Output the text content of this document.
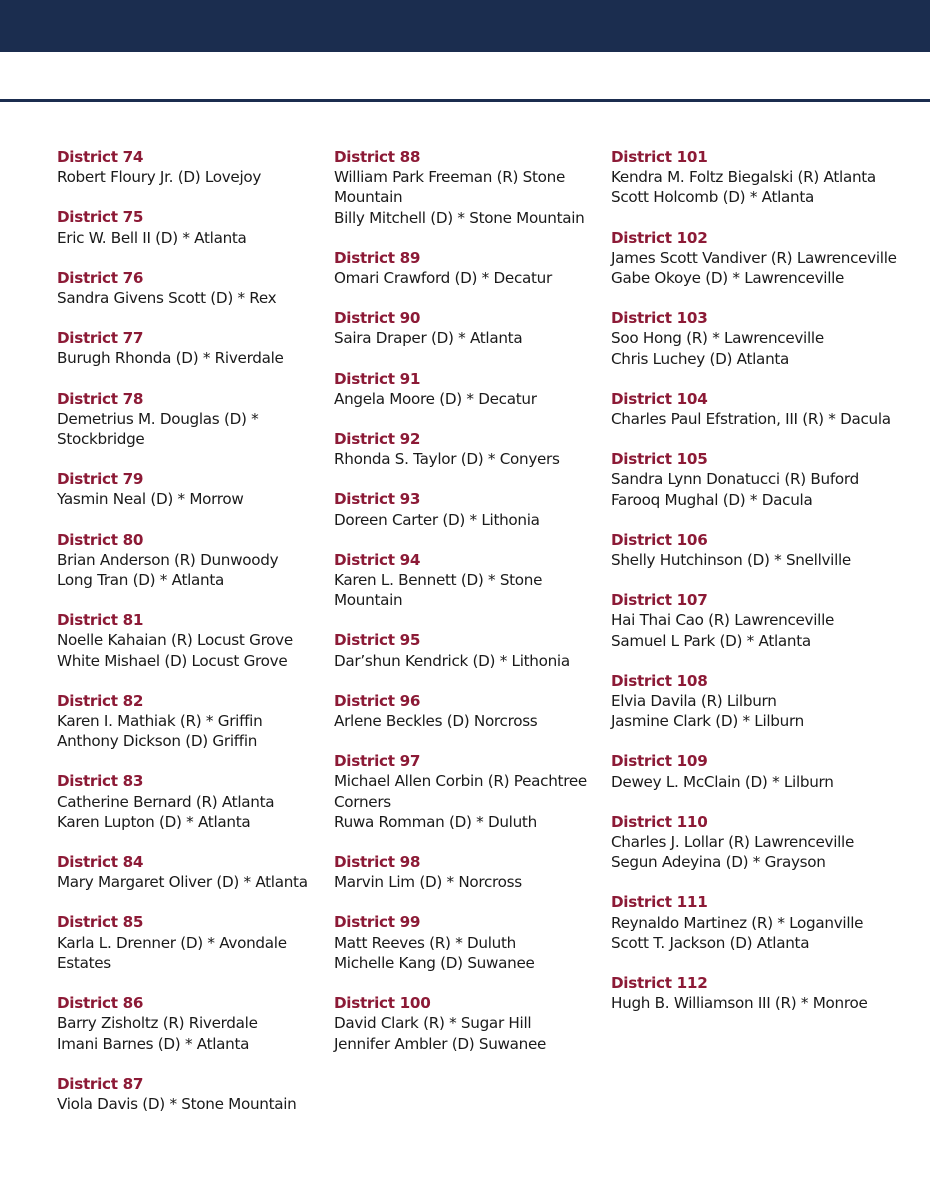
District 74
Robert Floury Jr. (D) Lovejoy
District 75
Eric W. Bell II (D) * Atlanta
District 76
Sandra Givens Scott (D) * Rex
District 77
Burugh Rhonda (D) * Riverdale
District 78
Demetrius M. Douglas (D) * Stockbridge
District 79
Yasmin Neal (D) * Morrow
District 80
Brian Anderson (R) Dunwoody
Long Tran (D) * Atlanta
District 81
Noelle Kahaian (R) Locust Grove
White Mishael (D) Locust Grove
District 82
Karen I. Mathiak (R) * Griffin
Anthony Dickson (D) Griffin
District 83
Catherine Bernard (R) Atlanta
Karen Lupton (D) * Atlanta
District 84
Mary Margaret Oliver (D) * Atlanta
District 85
Karla L. Drenner (D) * Avondale Estates
District 86
Barry Zisholtz (R) Riverdale
Imani Barnes (D) * Atlanta
District 87
Viola Davis (D) * Stone Mountain
District 88
William Park Freeman (R) Stone Mountain
Billy Mitchell (D) * Stone Mountain
District 89
Omari Crawford (D) * Decatur
District 90
Saira Draper (D) * Atlanta
District 91
Angela Moore (D) * Decatur
District 92
Rhonda S. Taylor (D) * Conyers
District 93
Doreen Carter (D) * Lithonia
District 94
Karen L. Bennett (D) * Stone Mountain
District 95
Dar’shun Kendrick (D) * Lithonia
District 96
Arlene Beckles (D) Norcross
District 97
Michael Allen Corbin (R) Peachtree Corners
Ruwa Romman (D) * Duluth
District 98
Marvin Lim (D) * Norcross
District 99
Matt Reeves (R) * Duluth
Michelle Kang (D) Suwanee
District 100
David Clark (R) * Sugar Hill
Jennifer Ambler (D) Suwanee
District 101
Kendra M. Foltz Biegalski (R) Atlanta
Scott Holcomb (D) * Atlanta
District 102
James Scott Vandiver (R) Lawrenceville
Gabe Okoye (D) * Lawrenceville
District 103
Soo Hong (R) * Lawrenceville
Chris Luchey (D) Atlanta
District 104
Charles Paul Efstration, III (R) * Dacula
District 105
Sandra Lynn Donatucci (R) Buford
Farooq Mughal (D) * Dacula
District 106
Shelly Hutchinson (D) * Snellville
District 107
Hai Thai Cao (R) Lawrenceville
Samuel L Park (D) * Atlanta
District 108
Elvia Davila (R) Lilburn
Jasmine Clark (D) * Lilburn
District 109
Dewey L. McClain (D) * Lilburn
District 110
Charles J. Lollar (R) Lawrenceville
Segun Adeyina (D) * Grayson
District 111
Reynaldo Martinez (R) * Loganville
Scott T. Jackson (D) Atlanta
District 112
Hugh B. Williamson III (R) * Monroe
